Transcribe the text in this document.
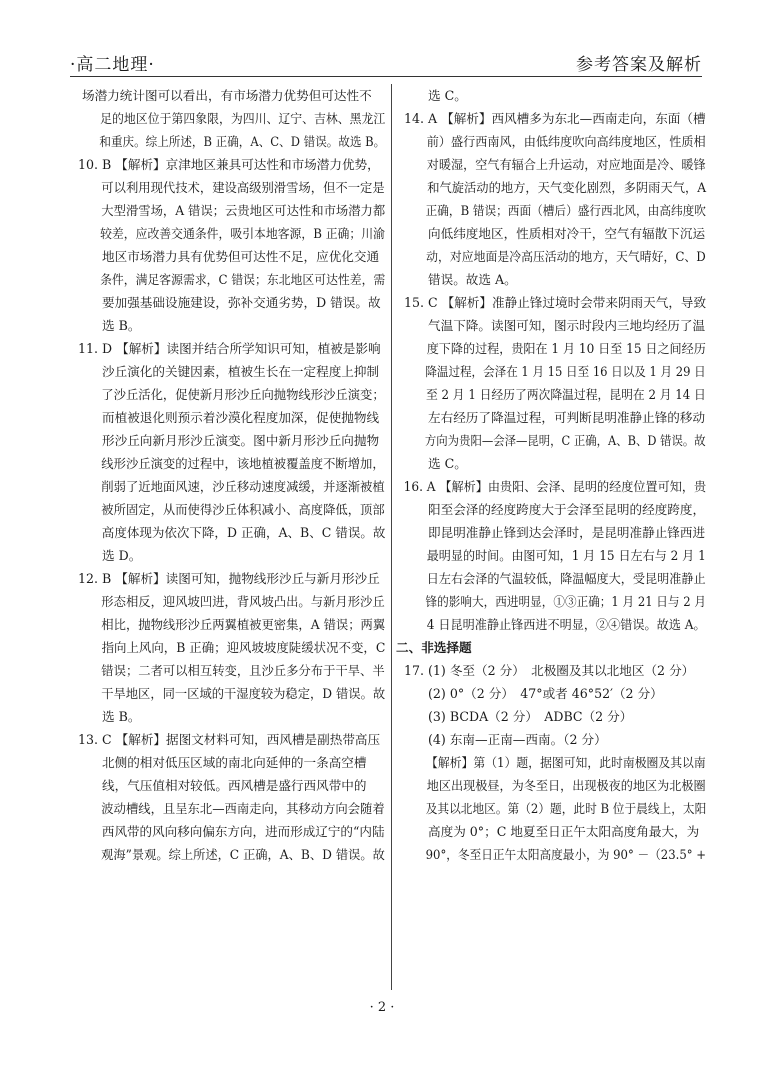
·高二地理·	参考答案及解析
场潜力统计图可以看出，有市场潜力优势但可达性不
足的地区位于第四象限，为四川、辽宁、吉林、黑龙江
和重庆。综上所述，B 正确，A、C、D 错误。故选 B。
10. B 【解析】京津地区兼具可达性和市场潜力优势，
可以利用现代技术，建设高级别滑雪场，但不一定是
大型滑雪场，A 错误；云贵地区可达性和市场潜力都
较差，应改善交通条件，吸引本地客源，B 正确；川渝
地区市场潜力具有优势但可达性不足，应优化交通
条件，满足客源需求，C 错误；东北地区可达性差，需
要加强基础设施建设，弥补交通劣势，D 错误。故
选 B。
11. D 【解析】读图并结合所学知识可知，植被是影响
沙丘演化的关键因素，植被生长在一定程度上抑制
了沙丘活化，促使新月形沙丘向抛物线形沙丘演变；
而植被退化则预示着沙漠化程度加深，促使抛物线
形沙丘向新月形沙丘演变。图中新月形沙丘向抛物
线形沙丘演变的过程中，该地植被覆盖度不断增加，
削弱了近地面风速，沙丘移动速度减缓，并逐渐被植
被所固定，从而使得沙丘体积减小、高度降低，顶部
高度体现为依次下降，D 正确，A、B、C 错误。故
选 D。
12. B 【解析】读图可知，抛物线形沙丘与新月形沙丘
形态相反，迎风坡凹进，背风坡凸出。与新月形沙丘
相比，抛物线形沙丘两翼植被更密集，A 错误；两翼
指向上风向，B 正确；迎风坡坡度陡缓状况不变，C
错误；二者可以相互转变，且沙丘多分布于干旱、半
干旱地区，同一区域的干湿度较为稳定，D 错误。故
选 B。
13. C 【解析】据图文材料可知，西风槽是副热带高压
北侧的相对低压区域的南北向延伸的一条高空槽
线，气压值相对较低。西风槽是盛行西风带中的
波动槽线，且呈东北—西南走向，其移动方向会随着
西风带的风向移向偏东方向，进而形成辽宁的“内陆
观海”景观。综上所述，C 正确，A、B、D 错误。故
选 C。
14. A 【解析】西风槽多为东北—西南走向，东面（槽
前）盛行西南风，由低纬度吹向高纬度地区，性质相
对暖湿，空气有辐合上升运动，对应地面是冷、暖锋
和气旋活动的地方，天气变化剧烈，多阴雨天气，A
正确，B 错误；西面（槽后）盛行西北风，由高纬度吹
向低纬度地区，性质相对冷干，空气有辐散下沉运
动，对应地面是冷高压活动的地方，天气晴好，C、D
错误。故选 A。
15. C 【解析】准静止锋过境时会带来阴雨天气，导致
气温下降。读图可知，图示时段内三地均经历了温
度下降的过程，贵阳在 1 月 10 日至 15 日之间经历
降温过程，会泽在 1 月 15 日至 16 日以及 1 月 29 日
至 2 月 1 日经历了两次降温过程，昆明在 2 月 14 日
左右经历了降温过程，可判断昆明准静止锋的移动
方向为贵阳—会泽—昆明，C 正确，A、B、D 错误。故
选 C。
16. A 【解析】由贵阳、会泽、昆明的经度位置可知，贵
阳至会泽的经度跨度大于会泽至昆明的经度跨度，
即昆明准静止锋到达会泽时，是昆明准静止锋西进
最明显的时间。由图可知，1 月 15 日左右与 2 月 1
日左右会泽的气温较低，降温幅度大，受昆明准静止
锋的影响大，西进明显，①③正确；1 月 21 日与 2 月
4 日昆明准静止锋西进不明显，②④错误。故选 A。
二、非选择题
17. (1) 冬至（2 分）　北极圈及其以北地区（2 分）
(2) 0°（2 分）　47°或者 46°52′（2 分）
(3) BCDA（2 分）　ADBC（2 分）
(4) 东南—正南—西南。（2 分）
【解析】第（1）题，据图可知，此时南极圈及其以南
地区出现极昼，为冬至日，出现极夜的地区为北极圈
及其以北地区。第（2）题，此时 B 位于晨线上，太阳
高度为 0°；C 地夏至日正午太阳高度角最大，为
90°，冬至日正午太阳高度最小，为 90° －（23.5° +
· 2 ·
